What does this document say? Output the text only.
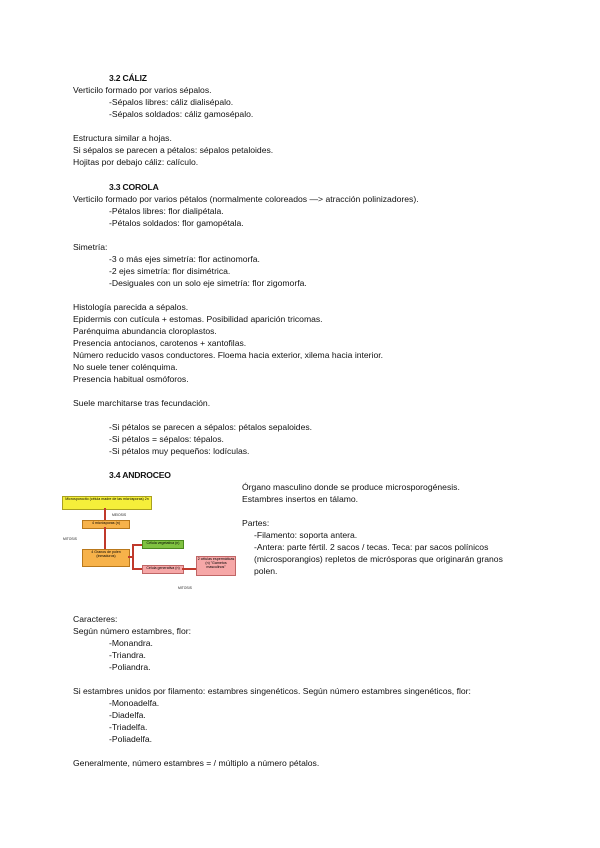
3.2 CÁLIZ
Verticilo formado por varios sépalos.
-Sépalos libres: cáliz dialisépalo.
-Sépalos soldados: cáliz gamosépalo.
Estructura similar a hojas.
Si sépalos se parecen a pétalos: sépalos petaloides.
Hojitas por debajo cáliz: calículo.
3.3 COROLA
Verticilo formado por varios pétalos (normalmente coloreados —> atracción polinizadores).
-Pétalos libres: flor dialipétala.
-Pétalos soldados: flor gamopétala.
Simetría:
-3 o más ejes simetría: flor actinomorfa.
-2 ejes simetría: flor disimétrica.
-Desiguales con un solo eje simetría: flor zigomorfa.
Histología parecida a sépalos.
Epidermis con cutícula + estomas. Posibilidad aparición tricomas.
Parénquima abundancia cloroplastos.
Presencia antocianos, carotenos + xantofilas.
Número reducido vasos conductores. Floema hacia exterior, xilema hacia interior.
No suele tener colénquima.
Presencia habitual osmóforos.
Suele marchitarse tras fecundación.
-Si pétalos se parecen a sépalos: pétalos sepaloides.
-Si pétalos = sépalos: tépalos.
-Si pétalos muy pequeños: lodículas.
3.4 ANDROCEO
Órgano masculino donde se produce microsporogénesis.
Estambres insertos en tálamo.
Partes:
-Filamento: soporta antera.
-Antera: parte fértil. 2 sacos / tecas. Teca: par sacos polínicos
(microsporangios) repletos de micrósporas que originarán granos
polen.
Microsporocito (célula madre de las micrósporas) 2n
MEIOSIS
4 micrósporas (n)
MITOSIS
4 Granos de polen (inmaduros)
Célula vegetativa (n)
Célula generativa (n)
2 células espermáticas (n) "Gametos masculinos"
MITOSIS
Caracteres:
Según número estambres, flor:
-Monandra.
-Triandra.
-Poliandra.
Si estambres unidos por filamento: estambres singenéticos. Según número estambres singenéticos, flor:
-Monoadelfa.
-Diadelfa.
-Triadelfa.
-Poliadelfa.
Generalmente, número estambres = / múltiplo a número pétalos.
